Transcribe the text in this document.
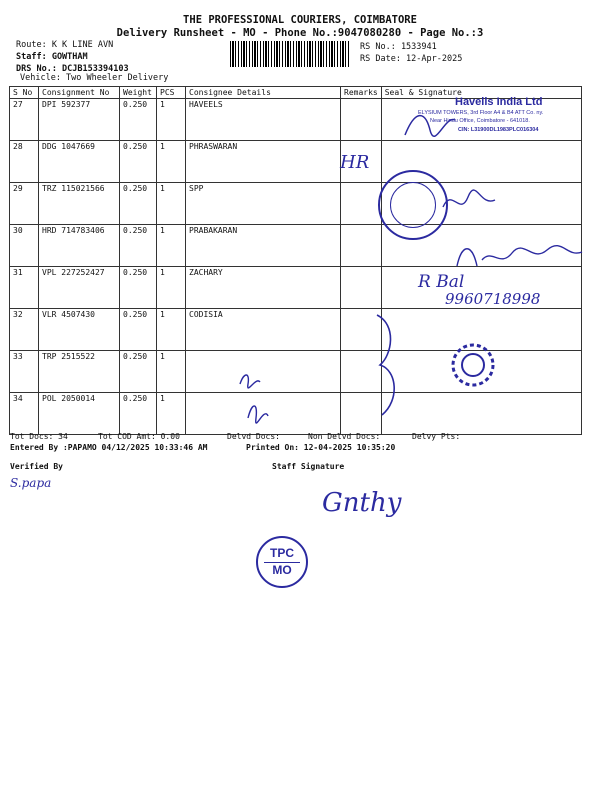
THE PROFESSIONAL COURIERS, COIMBATORE
Delivery Runsheet - MO - Phone No.:9047080280 - Page No.:3
Route: K K LINE AVN
Staff: GOWTHAM
DRS No.: DCJB153394103
Vehicle: Two Wheeler Delivery
RS No.: 1533941
RS Date: 12-Apr-2025
S No	Consignment No	Weight	PCS	Consignee Details	Remarks	Seal & Signature
27	DPI 592377	0.250	1	HAVEELS		
28	DDG 1047669	0.250	1	PHRASWARAN		
29	TRZ 115021566	0.250	1	SPP		
30	HRD 714783406	0.250	1	PRABAKARAN		
31	VPL 227252427	0.250	1	ZACHARY		
32	VLR 4507430	0.250	1	CODISIA		
33	TRP 2515522	0.250	1			
34	POL 2050014	0.250	1			
Tot Docs: 34	Tot COD Amt: 0.00	Delvd Docs:	Non Delvd Docs:	Delvy Pts:
Entered By :PAPAMO 04/12/2025 10:33:46 AM	Printed On: 12-04-2025 10:35:20
Verified By	Staff Signature
Havells India Ltd
ELYSIUM TOWERS, 3rd Floor A4 & B4 ATT Co. ny.
Near Hindu Office, Coimbatore - 641018.
CIN: L31900DL1983PLC016304
HR
R Bal
9960718998
S.papa
Gnthy
TPC
MO
